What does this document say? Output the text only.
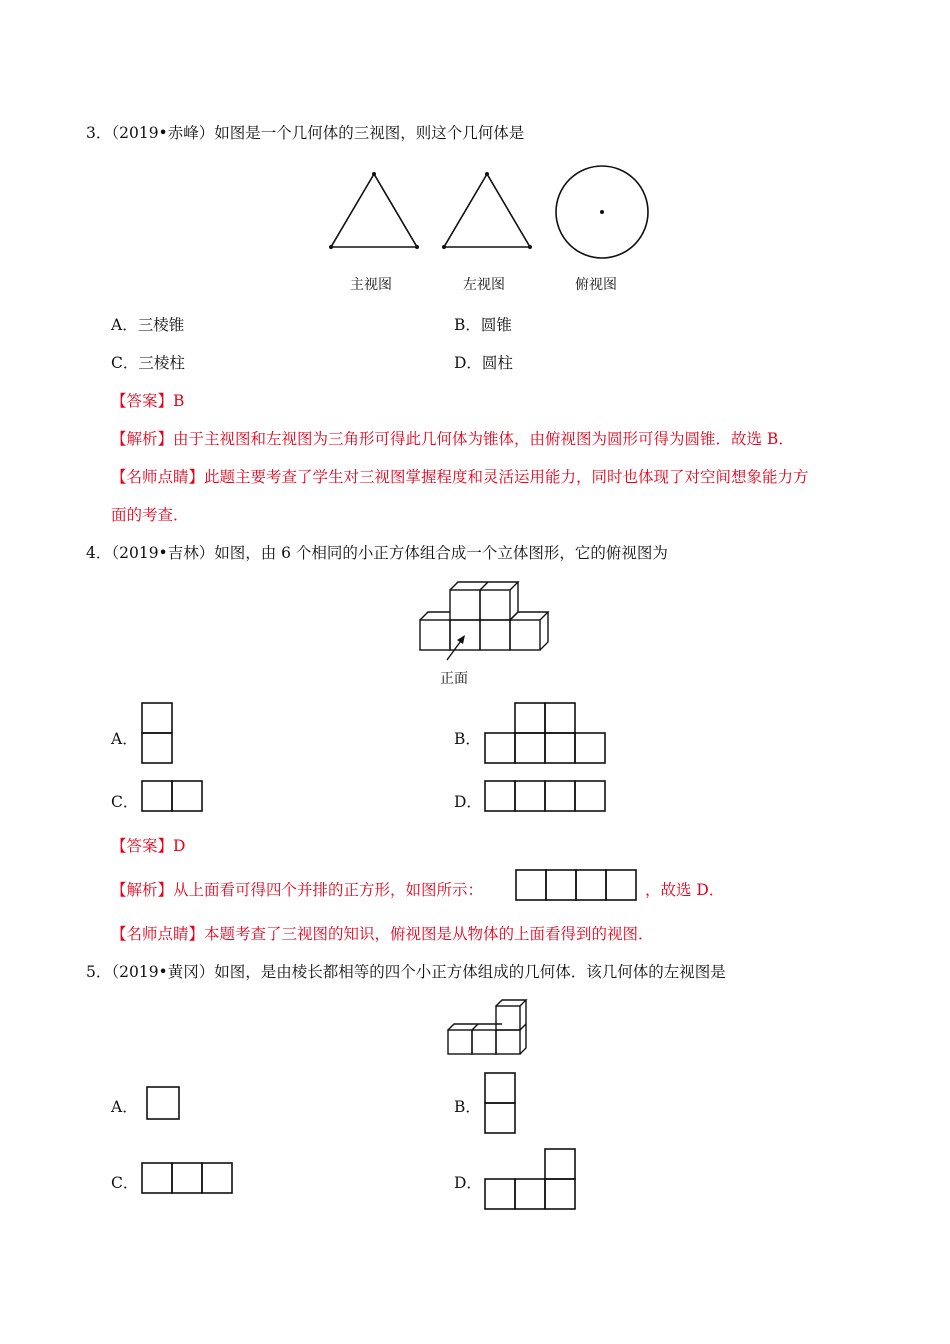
3．（2019•赤峰）如图是一个几何体的三视图，则这个几何体是
主视图	左视图	俯视图
A．三棱锥	B．圆锥
C．三棱柱	D．圆柱
【答案】B
【解析】由于主视图和左视图为三角形可得此几何体为锥体，由俯视图为圆形可得为圆锥．故选 B．
【名师点睛】此题主要考查了学生对三视图掌握程度和灵活运用能力，同时也体现了对空间想象能力方
面的考查．
4．（2019•吉林）如图，由 6 个相同的小正方体组合成一个立体图形，它的俯视图为
正面
A．	B．
C．	D．
【答案】D
【解析】从上面看可得四个并排的正方形，如图所示：	，故选 D．
【名师点睛】本题考查了三视图的知识，俯视图是从物体的上面看得到的视图．
5．（2019•黄冈）如图，是由棱长都相等的四个小正方体组成的几何体．该几何体的左视图是
A．	B．
C．	D．
